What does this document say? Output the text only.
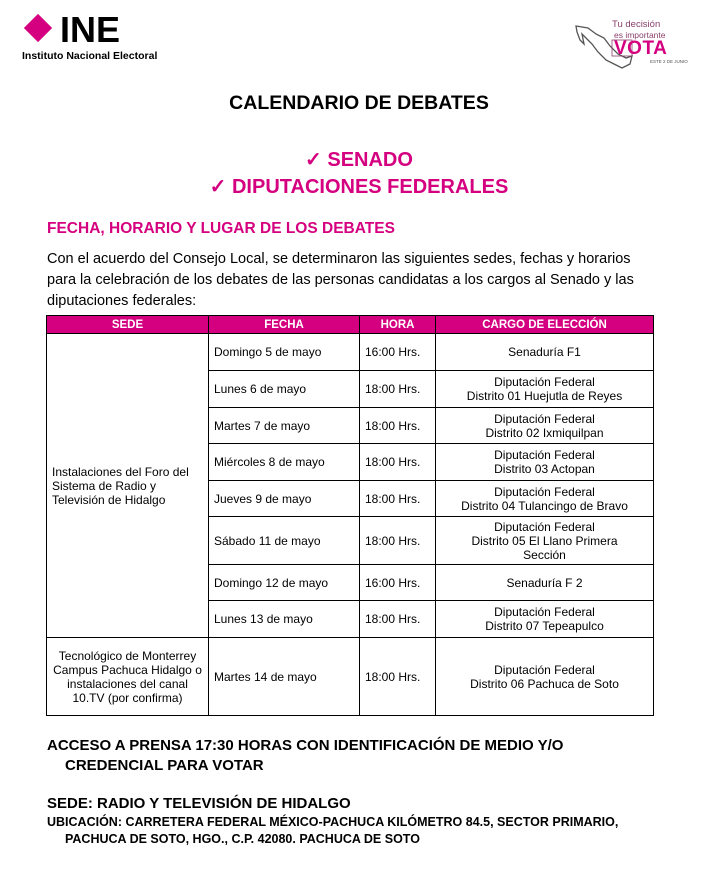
INE
Instituto Nacional Electoral
Tu decisión
es importante
VOTA
ESTE 2 DE JUNIO
CALENDARIO DE DEBATES
✓ SENADO
✓ DIPUTACIONES FEDERALES
FECHA, HORARIO Y LUGAR DE LOS DEBATES
Con el acuerdo del Consejo Local, se determinaron las siguientes sedes, fechas y horarios para la celebración de los debates de las personas candidatas a los cargos al Senado y las diputaciones federales:
SEDE	FECHA	HORA	CARGO DE ELECCIÓN
Instalaciones del Foro del Sistema de Radio y Televisión de Hidalgo	Domingo 5 de mayo	16:00 Hrs.	Senaduría F1
	Lunes 6 de mayo	18:00 Hrs.	Diputación Federal
Distrito 01 Huejutla de Reyes
	Martes 7 de mayo	18:00 Hrs.	Diputación Federal
Distrito 02 Ixmiquilpan
	Miércoles 8 de mayo	18:00 Hrs.	Diputación Federal
Distrito 03 Actopan
	Jueves 9 de mayo	18:00 Hrs.	Diputación Federal
Distrito 04 Tulancingo de Bravo
	Sábado 11 de mayo	18:00 Hrs.	Diputación Federal
Distrito 05 El Llano Primera
Sección
	Domingo 12 de mayo	16:00 Hrs.	Senaduría F 2
	Lunes 13 de mayo	18:00 Hrs.	Diputación Federal
Distrito 07 Tepeapulco
Tecnológico de Monterrey Campus Pachuca Hidalgo o instalaciones del canal 10.TV (por confirma)	Martes 14 de mayo	18:00 Hrs.	Diputación Federal
Distrito 06 Pachuca de Soto
ACCESO A PRENSA 17:30 HORAS CON IDENTIFICACIÓN DE MEDIO Y/O
CREDENCIAL PARA VOTAR
SEDE: RADIO Y TELEVISIÓN DE HIDALGO
UBICACIÓN: CARRETERA FEDERAL MÉXICO-PACHUCA KILÓMETRO 84.5, SECTOR PRIMARIO,
PACHUCA DE SOTO, HGO., C.P. 42080. PACHUCA DE SOTO
